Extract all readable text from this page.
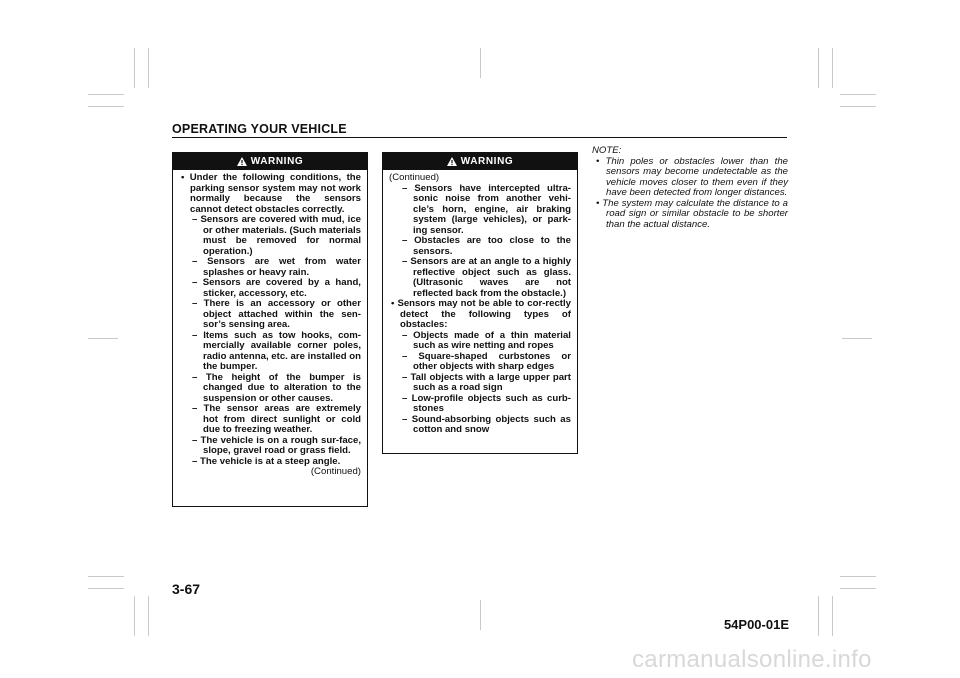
OPERATING YOUR VEHICLE
WARNING
• Under the following conditions, the parking sensor system may not work normally because the sensors cannot detect obstacles correctly.
– Sensors are covered with mud, ice or other materials. (Such materials must be removed for normal operation.)
– Sensors are wet from water splashes or heavy rain.
– Sensors are covered by a hand, sticker, accessory, etc.
– There is an accessory or other object attached within the sen-sor’s sensing area.
– Items such as tow hooks, com-mercially available corner poles, radio antenna, etc. are installed on the bumper.
– The height of the bumper is changed due to alteration to the suspension or other causes.
– The sensor areas are extremely hot from direct sunlight or cold due to freezing weather.
– The vehicle is on a rough sur-face, slope, gravel road or grass field.
– The vehicle is at a steep angle.
(Continued)
WARNING
(Continued)
– Sensors have intercepted ultra-sonic noise from another vehi-cle’s horn, engine, air braking system (large vehicles), or park-ing sensor.
– Obstacles are too close to the sensors.
– Sensors are at an angle to a highly reflective object such as glass. (Ultrasonic waves are not reflected back from the obstacle.)
• Sensors may not be able to cor-rectly detect the following types of obstacles:
– Objects made of a thin material such as wire netting and ropes
– Square-shaped curbstones or other objects with sharp edges
– Tall objects with a large upper part such as a road sign
– Low-profile objects such as curb-stones
– Sound-absorbing objects such as cotton and snow
NOTE:
• Thin poles or obstacles lower than the sensors may become undetectable as the vehicle moves closer to them even if they have been detected from longer distances.
• The system may calculate the distance to a road sign or similar obstacle to be shorter than the actual distance.
3-67
54P00-01E
carmanualsonline.info
